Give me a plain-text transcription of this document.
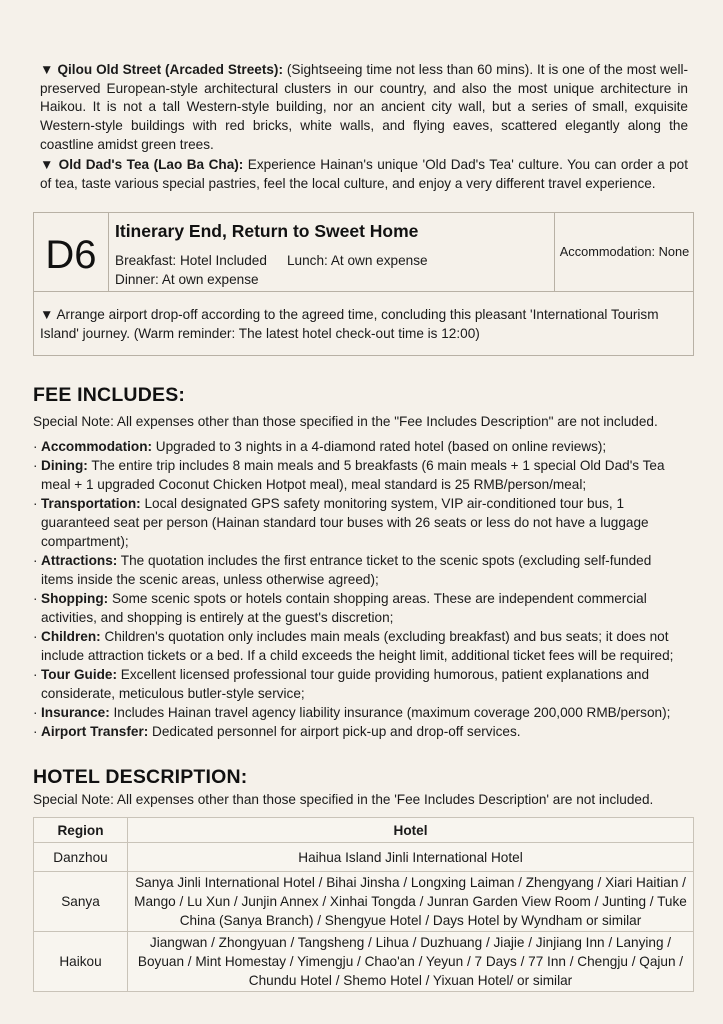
▼ Qilou Old Street (Arcaded Streets): (Sightseeing time not less than 60 mins). It is one of the most well-preserved European-style architectural clusters in our country, and also the most unique architecture in Haikou. It is not a tall Western-style building, nor an ancient city wall, but a series of small, exquisite Western-style buildings with red bricks, white walls, and flying eaves, scattered elegantly along the coastline amidst green trees.

▼ Old Dad's Tea (Lao Ba Cha): Experience Hainan's unique 'Old Dad's Tea' culture. You can order a pot of tea, taste various special pastries, feel the local culture, and enjoy a very different travel experience.

D6
Itinerary End, Return to Sweet Home
Breakfast: Hotel Included Lunch: At own expense
Dinner: At own expense
Accommodation: None
▼ Arrange airport drop-off according to the agreed time, concluding this pleasant 'International Tourism Island' journey. (Warm reminder: The latest hotel check-out time is 12:00)
FEE INCLUDES:
Special Note: All expenses other than those specified in the "Fee Includes Description" are not included.
· Accommodation: Upgraded to 3 nights in a 4-diamond rated hotel (based on online reviews);
· Dining: The entire trip includes 8 main meals and 5 breakfasts (6 main meals + 1 special Old Dad's Tea meal + 1 upgraded Coconut Chicken Hotpot meal), meal standard is 25 RMB/person/meal;
· Transportation: Local designated GPS safety monitoring system, VIP air-conditioned tour bus, 1 guaranteed seat per person (Hainan standard tour buses with 26 seats or less do not have a luggage compartment);
· Attractions: The quotation includes the first entrance ticket to the scenic spots (excluding self-funded items inside the scenic areas, unless otherwise agreed);
· Shopping: Some scenic spots or hotels contain shopping areas. These are independent commercial activities, and shopping is entirely at the guest's discretion;
· Children: Children's quotation only includes main meals (excluding breakfast) and bus seats; it does not include attraction tickets or a bed. If a child exceeds the height limit, additional ticket fees will be required;
· Tour Guide: Excellent licensed professional tour guide providing humorous, patient explanations and considerate, meticulous butler-style service;
· Insurance: Includes Hainan travel agency liability insurance (maximum coverage 200,000 RMB/person);
· Airport Transfer: Dedicated personnel for airport pick-up and drop-off services.
HOTEL DESCRIPTION:
Special Note: All expenses other than those specified in the 'Fee Includes Description' are not included.
Region	Hotel
Danzhou	Haihua Island Jinli International Hotel
Sanya	Sanya Jinli International Hotel / Bihai Jinsha / Longxing Laiman / Zhengyang / Xiari Haitian / Mango / Lu Xun / Junjin Annex / Xinhai Tongda / Junran Garden View Room / Junting / Tuke China (Sanya Branch) / Shengyue Hotel / Days Hotel by Wyndham or similar
Haikou	Jiangwan / Zhongyuan / Tangsheng / Lihua / Duzhuang / Jiajie / Jinjiang Inn / Lanying / Boyuan / Mint Homestay / Yimengju / Chao'an / Yeyun / 7 Days / 77 Inn / Chengju / Qajun / Chundu Hotel / Shemo Hotel / Yixuan Hotel/ or similar
